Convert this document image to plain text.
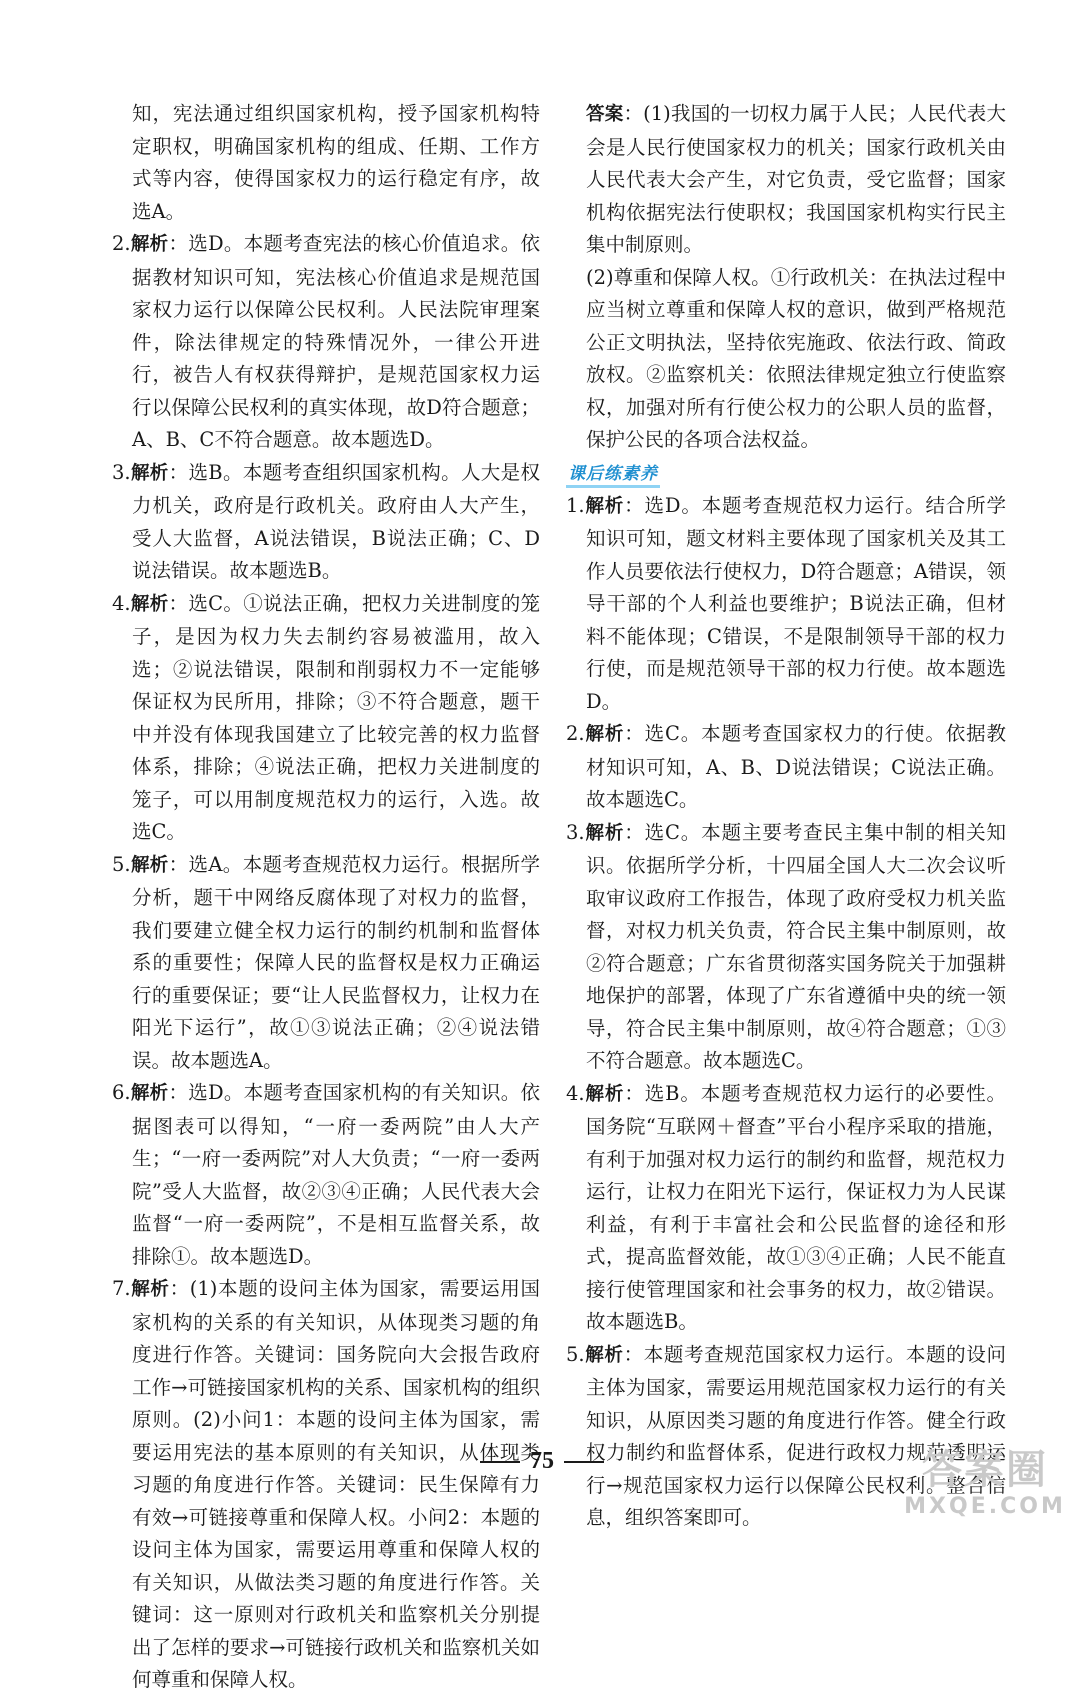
知，宪法通过组织国家机构，授予国家机构特定职权，明确国家机构的组成、任期、工作方式等内容，使得国家权力的运行稳定有序，故选A。

2.解析：选D。本题考查宪法的核心价值追求。依据教材知识可知，宪法核心价值追求是规范国家权力运行以保障公民权利。人民法院审理案件，除法律规定的特殊情况外，一律公开进行，被告人有权获得辩护，是规范国家权力运行以保障公民权利的真实体现，故D符合题意；A、B、C不符合题意。故本题选D。

3.解析：选B。本题考查组织国家机构。人大是权力机关，政府是行政机关。政府由人大产生，受人大监督，A说法错误，B说法正确；C、D说法错误。故本题选B。

4.解析：选C。①说法正确，把权力关进制度的笼子，是因为权力失去制约容易被滥用，故入选；②说法错误，限制和削弱权力不一定能够保证权为民所用，排除；③不符合题意，题干中并没有体现我国建立了比较完善的权力监督体系，排除；④说法正确，把权力关进制度的笼子，可以用制度规范权力的运行，入选。故选C。

5.解析：选A。本题考查规范权力运行。根据所学分析，题干中网络反腐体现了对权力的监督，我们要建立健全权力运行的制约机制和监督体系的重要性；保障人民的监督权是权力正确运行的重要保证；要“让人民监督权力，让权力在阳光下运行”，故①③说法正确；②④说法错误。故本题选A。

6.解析：选D。本题考查国家机构的有关知识。依据图表可以得知，“一府一委两院”由人大产生；“一府一委两院”对人大负责；“一府一委两院”受人大监督，故②③④正确；人民代表大会监督“一府一委两院”，不是相互监督关系，故排除①。故本题选D。

7.解析：(1)本题的设问主体为国家，需要运用国家机构的关系的有关知识，从体现类习题的角度进行作答。关键词：国务院向大会报告政府工作→可链接国家机构的关系、国家机构的组织原则。(2)小问1：本题的设问主体为国家，需要运用宪法的基本原则的有关知识，从体现类习题的角度进行作答。关键词：民生保障有力有效→可链接尊重和保障人权。小问2：本题的设问主体为国家，需要运用尊重和保障人权的有关知识，从做法类习题的角度进行作答。关键词：这一原则对行政机关和监察机关分别提出了怎样的要求→可链接行政机关和监察机关如何尊重和保障人权。

答案：(1)我国的一切权力属于人民；人民代表大会是人民行使国家权力的机关；国家行政机关由人民代表大会产生，对它负责，受它监督；国家机构依据宪法行使职权；我国国家机构实行民主集中制原则。

(2)尊重和保障人权。①行政机关：在执法过程中应当树立尊重和保障人权的意识，做到严格规范公正文明执法，坚持依宪施政、依法行政、简政放权。②监察机关：依照法律规定独立行使监察权，加强对所有行使公权力的公职人员的监督，保护公民的各项合法权益。

课后练素养

1.解析：选D。本题考查规范权力运行。结合所学知识可知，题文材料主要体现了国家机关及其工作人员要依法行使权力，D符合题意；A错误，领导干部的个人利益也要维护；B说法正确，但材料不能体现；C错误，不是限制领导干部的权力行使，而是规范领导干部的权力行使。故本题选D。

2.解析：选C。本题考查国家权力的行使。依据教材知识可知，A、B、D说法错误；C说法正确。故本题选C。

3.解析：选C。本题主要考查民主集中制的相关知识。依据所学分析，十四届全国人大二次会议听取审议政府工作报告，体现了政府受权力机关监督，对权力机关负责，符合民主集中制原则，故②符合题意；广东省贯彻落实国务院关于加强耕地保护的部署，体现了广东省遵循中央的统一领导，符合民主集中制原则，故④符合题意；①③不符合题意。故本题选C。

4.解析：选B。本题考查规范权力运行的必要性。国务院“互联网＋督查”平台小程序采取的措施，有利于加强对权力运行的制约和监督，规范权力运行，让权力在阳光下运行，保证权力为人民谋利益，有利于丰富社会和公民监督的途径和形式，提高监督效能，故①③④正确；人民不能直接行使管理国家和社会事务的权力，故②错误。故本题选B。

5.解析：本题考查规范国家权力运行。本题的设问主体为国家，需要运用规范国家权力运行的有关知识，从原因类习题的角度进行作答。健全行政权力制约和监督体系，促进行政权力规范透明运行→规范国家权力运行以保障公民权利。整合信息，组织答案即可。

75	答案圈
MXQE.COM
